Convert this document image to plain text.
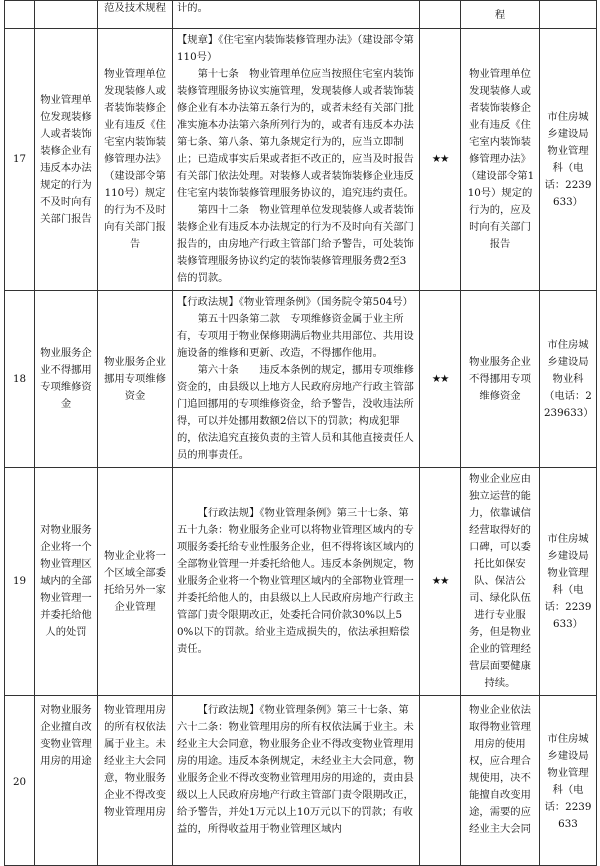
		范及技术规程	计的。		程	
17	物业管理单位发现装修人或者装饰装修企业有违反本办法规定的行为不及时向有关部门报告	物业管理单位发现装修人或者装饰装修企业有违反《住宅室内装饰装修管理办法》（建设部令第110号）规定的行为不及时向有关部门报告	【规章】《住宅室内装饰装修管理办法》（建设部令第110号）
第十七条　物业管理单位应当按照住宅室内装饰装修管理服务协议实施管理，发现装修人或者装饰装修企业有本办法第五条行为的，或者未经有关部门批准实施本办法第六条所列行为的，或者有违反本办法第七条、第八条、第九条规定行为的，应当立即制止；已造成事实后果或者拒不改正的，应当及时报告有关部门依法处理。对装修人或者装饰装修企业违反住宅室内装饰装修管理服务协议的，追究违约责任。
第四十二条　物业管理单位发现装修人或者装饰装修企业有违反本办法规定的行为不及时向有关部门报告的，由房地产行政主管部门给予警告，可处装饰装修管理服务协议约定的装饰装修管理服务费2至3倍的罚款。	★★	物业管理单位发现装修人或者装饰装修企业有违反《住宅室内装饰装修管理办法》（建设部令第110号）规定的行为的，应及时向有关部门报告	市住房城乡建设局物业管理科（电话：2239633）
18	物业服务企业不得挪用专项维修资金	物业服务企业挪用专项维修资金	【行政法规】《物业管理条例》（国务院令第504号）
第五十四条第二款　专项维修资金属于业主所有，专项用于物业保修期满后物业共用部位、共用设施设备的维修和更新、改造，不得挪作他用。
第六十条　　违反本条例的规定，挪用专项维修资金的，由县级以上地方人民政府房地产行政主管部门追回挪用的专项维修资金，给予警告，没收违法所得，可以并处挪用数额2倍以下的罚款；构成犯罪的，依法追究直接负责的主管人员和其他直接责任人员的刑事责任。	★★	物业服务企业不得挪用专项维修资金	市住房城乡建设局物业科（电话：2239633）
19	对物业服务企业将一个物业管理区域内的全部物业管理一并委托给他人的处罚	物业企业将一个区域全部委托给另外一家企业管理	【行政法规】《物业管理条例》第三十七条、第五十九条：物业服务企业可以将物业管理区域内的专项服务委托给专业性服务企业，但不得将该区域内的全部物业管理一并委托给他人。违反本条例规定，物业服务企业将一个物业管理区域内的全部物业管理一并委托给他人的，由县级以上人民政府房地产行政主管部门责令限期改正，处委托合同价款30%以上50%以下的罚款。给业主造成损失的，依法承担赔偿责任。	★★	物业企业应由独立运营的能力，依靠诚信经营取得好的口碑，可以委托比如保安队、保洁公司、绿化队伍进行专业服务，但是物业企业的管理经营层面要健康持续。	市住房城乡建设局物业管理科（电话：2239633）
20	对物业服务企业擅自改变物业管理用房的用途	物业管理用房的所有权依法属于业主。未经业主大会同意，物业服务企业不得改变物业管理用房	【行政法规】《物业管理条例》第三十七条、第六十二条：物业管理用房的所有权依法属于业主。未经业主大会同意，物业服务企业不得改变物业管理用房的用途。违反本条例规定，未经业主大会同意，物业服务企业不得改变物业管理用房的用途的，责由县级以上人民政府房地产行政主管部门责令限期改正，给予警告，并处1万元以上10万元以下的罚款；有收益的，所得收益用于物业管理区域内		物业企业依法取得物业管理用房的使用权，应合理合规使用，决不能擅自改变用途，需要的应经业主大会同	市住房城乡建设局物业管理科（电话：2239633
